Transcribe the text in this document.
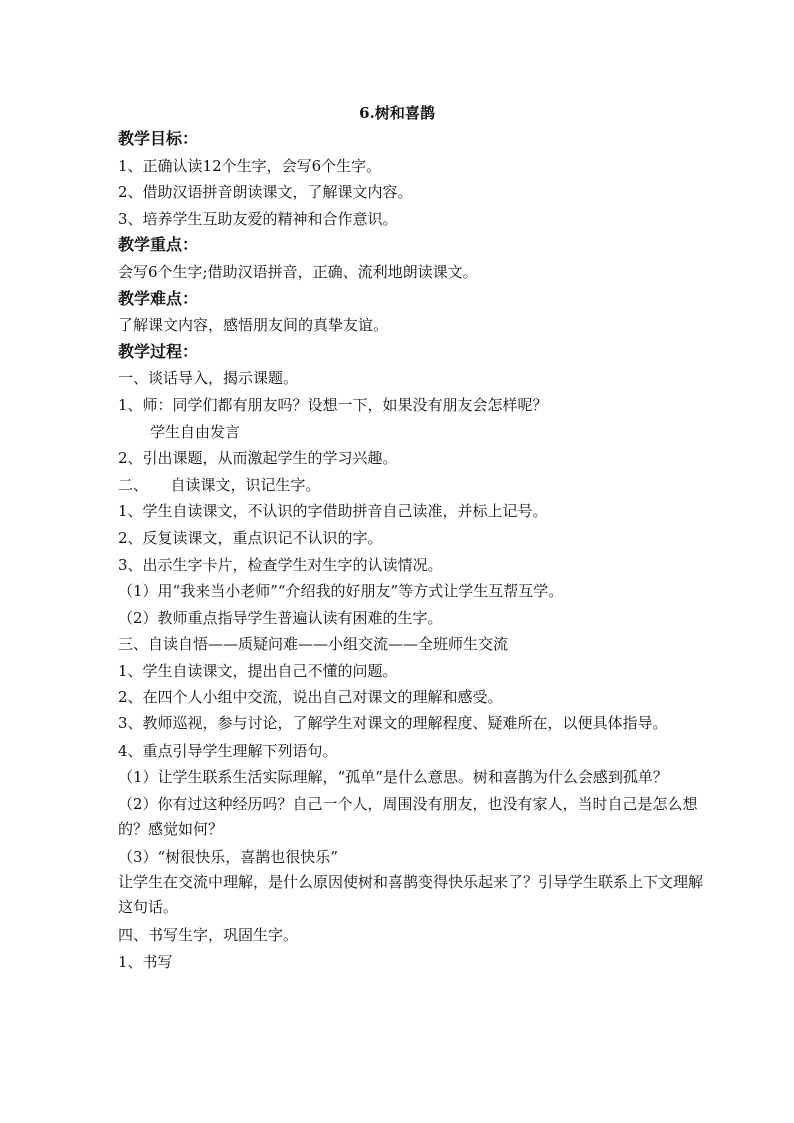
6.树和喜鹊
教学目标：
1、正确认读12个生字，会写6个生字。
2、借助汉语拼音朗读课文，了解课文内容。
3、培养学生互助友爱的精神和合作意识。
教学重点：
会写6个生字;借助汉语拼音，正确、流利地朗读课文。
教学难点：
了解课文内容，感悟朋友间的真挚友谊。
教学过程：
一、谈话导入，揭示课题。
1、师：同学们都有朋友吗？设想一下，如果没有朋友会怎样呢？
学生自由发言
2、引出课题，从而激起学生的学习兴趣。
二、　　自读课文，识记生字。
1、学生自读课文，不认识的字借助拼音自己读准，并标上记号。
2、反复读课文，重点识记不认识的字。
3、出示生字卡片，检查学生对生字的认读情况。
（1）用“我来当小老师”“介绍我的好朋友”等方式让学生互帮互学。
（2）教师重点指导学生普遍认读有困难的生字。
三、自读自悟——质疑问难——小组交流——全班师生交流
1、学生自读课文，提出自己不懂的问题。
2、在四个人小组中交流，说出自己对课文的理解和感受。
3、教师巡视，参与讨论，了解学生对课文的理解程度、疑难所在，以便具体指导。
4、重点引导学生理解下列语句。
（1）让学生联系生活实际理解，“孤单”是什么意思。树和喜鹊为什么会感到孤单？
（2）你有过这种经历吗？自己一个人，周围没有朋友，也没有家人，当时自己是怎么想的？感觉如何？
（3）“树很快乐，喜鹊也很快乐”
让学生在交流中理解，是什么原因使树和喜鹊变得快乐起来了？引导学生联系上下文理解这句话。
四、书写生字，巩固生字。
1、书写
